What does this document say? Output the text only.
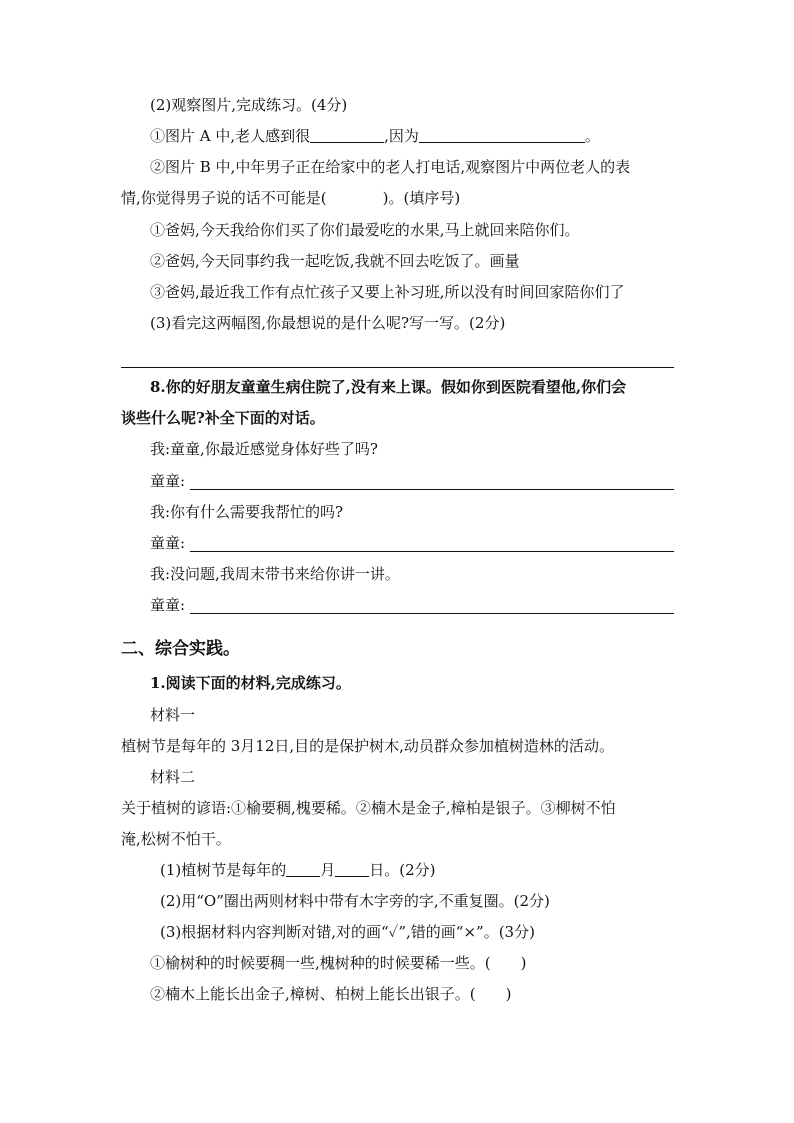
(2)观察图片,完成练习。(4分)
①图片 A 中,老人感到很	,因为	。
②图片 B 中,中年男子正在给家中的老人打电话,观察图片中两位老人的表
情,你觉得男子说的话不可能是(	)。(填序号)
①爸妈,今天我给你们买了你们最爱吃的水果,马上就回来陪你们。
②爸妈,今天同事约我一起吃饭,我就不回去吃饭了。画量
③爸妈,最近我工作有点忙孩子又要上补习班,所以没有时间回家陪你们了
(3)看完这两幅图,你最想说的是什么呢?写一写。(2分)
8.你的好朋友童童生病住院了,没有来上课。假如你到医院看望他,你们会
谈些什么呢?补全下面的对话。
我:童童,你最近感觉身体好些了吗?
童童:
我:你有什么需要我帮忙的吗?
童童:
我:没问题,我周末带书来给你讲一讲。
童童:
二、综合实践。
1.阅读下面的材料,完成练习。
材料一
植树节是每年的 3月12日,目的是保护树木,动员群众参加植树造林的活动。
材料二
关于植树的谚语:①榆要稠,槐要稀。②楠木是金子,樟柏是银子。③柳树不怕
淹,松树不怕干。
(1)植树节是每年的 月 日。(2分)
(2)用“O”圈出两则材料中带有木字旁的字,不重复圈。(2分)
(3)根据材料内容判断对错,对的画“✓”,错的画“×”。(3分)
①榆树种的时候要稠一些,槐树种的时候要稀一些。( )
②楠木上能长出金子,樟树、柏树上能长出银子。( )
